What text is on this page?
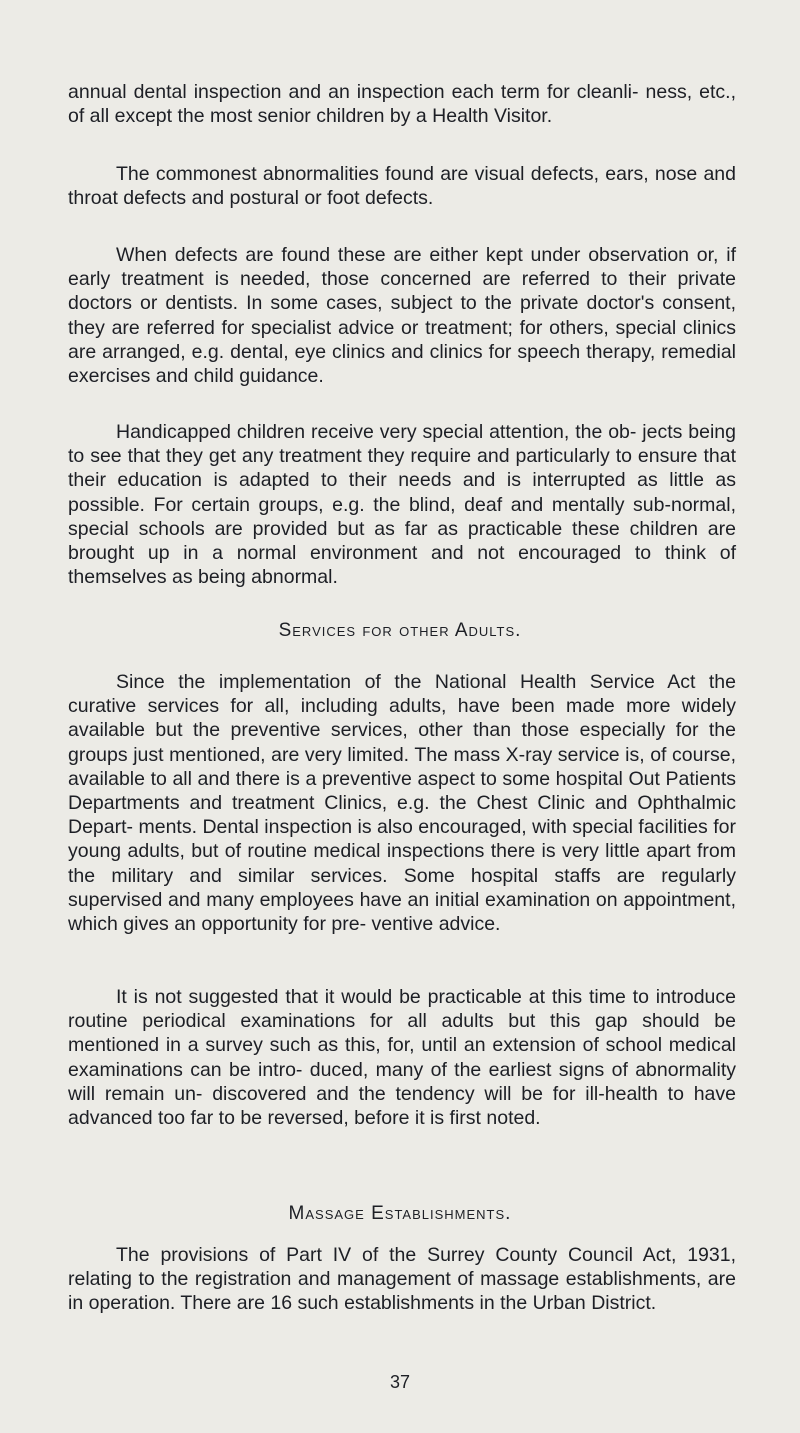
annual dental inspection and an inspection each term for cleanli- ness, etc., of all except the most senior children by a Health Visitor.

The commonest abnormalities found are visual defects, ears, nose and throat defects and postural or foot defects.

When defects are found these are either kept under observation or, if early treatment is needed, those concerned are referred to their private doctors or dentists. In some cases, subject to the private doctor's consent, they are referred for specialist advice or treatment; for others, special clinics are arranged, e.g. dental, eye clinics and clinics for speech therapy, remedial exercises and child guidance.

Handicapped children receive very special attention, the ob- jects being to see that they get any treatment they require and particularly to ensure that their education is adapted to their needs and is interrupted as little as possible. For certain groups, e.g. the blind, deaf and mentally sub-normal, special schools are provided but as far as practicable these children are brought up in a normal environment and not encouraged to think of themselves as being abnormal.

Services for other Adults.

Since the implementation of the National Health Service Act the curative services for all, including adults, have been made more widely available but the preventive services, other than those especially for the groups just mentioned, are very limited. The mass X-ray service is, of course, available to all and there is a preventive aspect to some hospital Out Patients Departments and treatment Clinics, e.g. the Chest Clinic and Ophthalmic Depart- ments. Dental inspection is also encouraged, with special facilities for young adults, but of routine medical inspections there is very little apart from the military and similar services. Some hospital staffs are regularly supervised and many employees have an initial examination on appointment, which gives an opportunity for pre- ventive advice.

It is not suggested that it would be practicable at this time to introduce routine periodical examinations for all adults but this gap should be mentioned in a survey such as this, for, until an extension of school medical examinations can be intro- duced, many of the earliest signs of abnormality will remain un- discovered and the tendency will be for ill-health to have advanced too far to be reversed, before it is first noted.

Massage Establishments.

The provisions of Part IV of the Surrey County Council Act, 1931, relating to the registration and management of massage establishments, are in operation. There are 16 such establishments in the Urban District.

37
